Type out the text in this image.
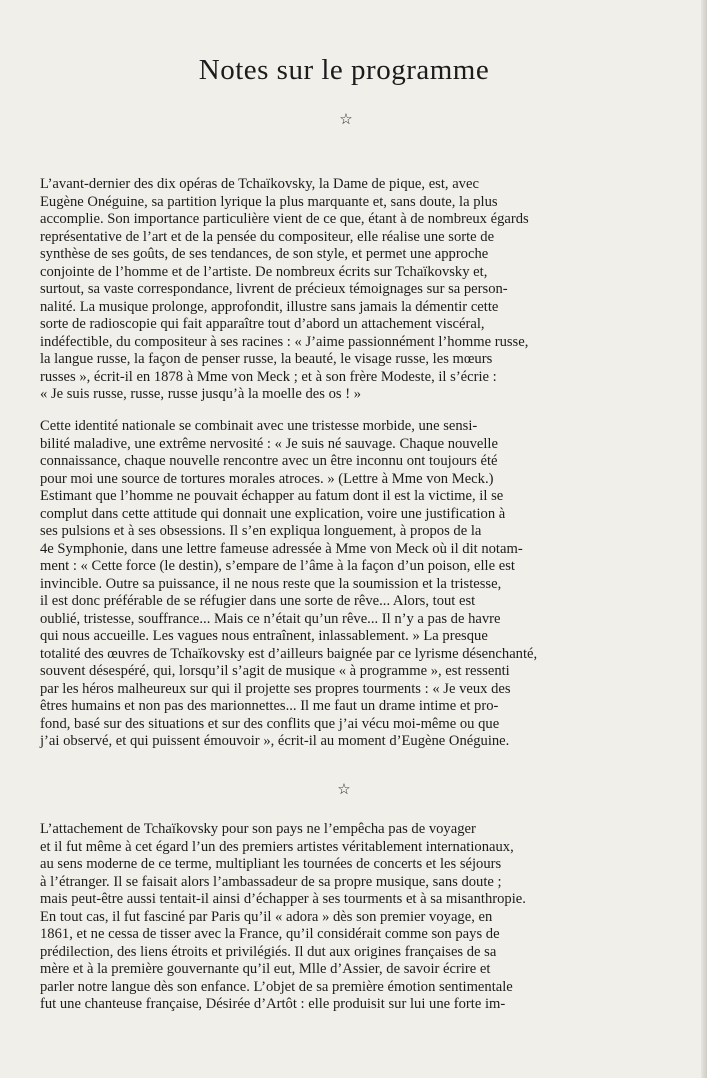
Notes sur le programme
☆

L’avant-dernier des dix opéras de Tchaïkovsky, la Dame de pique, est, avec
Eugène Onéguine, sa partition lyrique la plus marquante et, sans doute, la plus
accomplie. Son importance particulière vient de ce que, étant à de nombreux égards
représentative de l’art et de la pensée du compositeur, elle réalise une sorte de
synthèse de ses goûts, de ses tendances, de son style, et permet une approche
conjointe de l’homme et de l’artiste. De nombreux écrits sur Tchaïkovsky et,
surtout, sa vaste correspondance, livrent de précieux témoignages sur sa person-
nalité. La musique prolonge, approfondit, illustre sans jamais la démentir cette
sorte de radioscopie qui fait apparaître tout d’abord un attachement viscéral,
indéfectible, du compositeur à ses racines : « J’aime passionnément l’homme russe,
la langue russe, la façon de penser russe, la beauté, le visage russe, les mœurs
russes », écrit-il en 1878 à Mme von Meck ; et à son frère Modeste, il s’écrie :
« Je suis russe, russe, russe jusqu’à la moelle des os ! »

Cette identité nationale se combinait avec une tristesse morbide, une sensi-
bilité maladive, une extrême nervosité : « Je suis né sauvage. Chaque nouvelle
connaissance, chaque nouvelle rencontre avec un être inconnu ont toujours été
pour moi une source de tortures morales atroces. » (Lettre à Mme von Meck.)
Estimant que l’homme ne pouvait échapper au fatum dont il est la victime, il se
complut dans cette attitude qui donnait une explication, voire une justification à
ses pulsions et à ses obsessions. Il s’en expliqua longuement, à propos de la
4e Symphonie, dans une lettre fameuse adressée à Mme von Meck où il dit notam-
ment : « Cette force (le destin), s’empare de l’âme à la façon d’un poison, elle est
invincible. Outre sa puissance, il ne nous reste que la soumission et la tristesse,
il est donc préférable de se réfugier dans une sorte de rêve... Alors, tout est
oublié, tristesse, souffrance... Mais ce n’était qu’un rêve... Il n’y a pas de havre
qui nous accueille. Les vagues nous entraînent, inlassablement. » La presque
totalité des œuvres de Tchaïkovsky est d’ailleurs baignée par ce lyrisme désenchanté,
souvent désespéré, qui, lorsqu’il s’agit de musique « à programme », est ressenti
par les héros malheureux sur qui il projette ses propres tourments : « Je veux des
êtres humains et non pas des marionnettes... Il me faut un drame intime et pro-
fond, basé sur des situations et sur des conflits que j’ai vécu moi-même ou que
j’ai observé, et qui puissent émouvoir », écrit-il au moment d’Eugène Onéguine.

☆

L’attachement de Tchaïkovsky pour son pays ne l’empêcha pas de voyager
et il fut même à cet égard l’un des premiers artistes véritablement internationaux,
au sens moderne de ce terme, multipliant les tournées de concerts et les séjours
à l’étranger. Il se faisait alors l’ambassadeur de sa propre musique, sans doute ;
mais peut-être aussi tentait-il ainsi d’échapper à ses tourments et à sa misanthropie.
En tout cas, il fut fasciné par Paris qu’il « adora » dès son premier voyage, en
1861, et ne cessa de tisser avec la France, qu’il considérait comme son pays de
prédilection, des liens étroits et privilégiés. Il dut aux origines françaises de sa
mère et à la première gouvernante qu’il eut, Mlle d’Assier, de savoir écrire et
parler notre langue dès son enfance. L’objet de sa première émotion sentimentale
fut une chanteuse française, Désirée d’Artôt : elle produisit sur lui une forte im-
